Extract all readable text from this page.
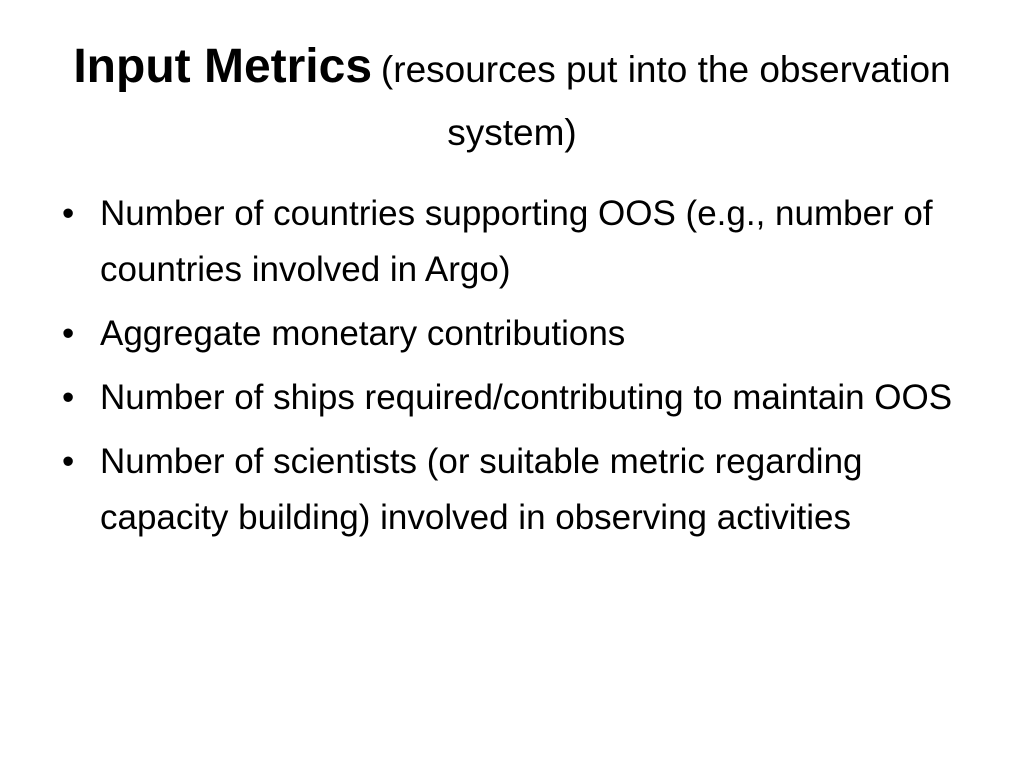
Input Metrics (resources put into the observation system)
• Number of countries supporting OOS (e.g., number of countries involved in Argo)
• Aggregate monetary contributions
• Number of ships required/contributing to maintain OOS
• Number of scientists (or suitable metric regarding capacity building) involved in observing activities
